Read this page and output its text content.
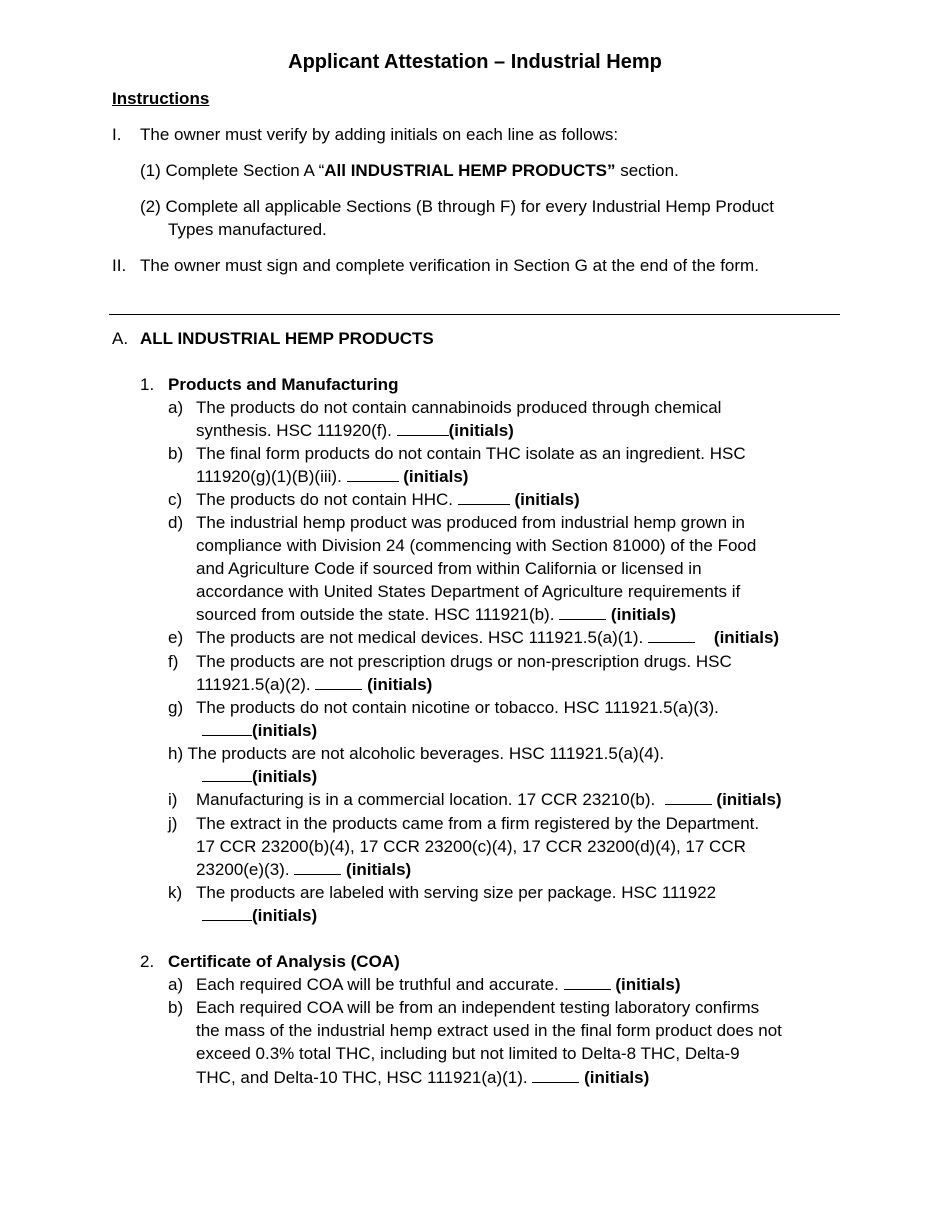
Applicant Attestation – Industrial Hemp
Instructions
I. The owner must verify by adding initials on each line as follows:
(1) Complete Section A “All INDUSTRIAL HEMP PRODUCTS” section.
(2) Complete all applicable Sections (B through F) for every Industrial Hemp Product
Types manufactured.
II. The owner must sign and complete verification in Section G at the end of the form.
A. ALL INDUSTRIAL HEMP PRODUCTS
1. Products and Manufacturing
a) The products do not contain cannabinoids produced through chemical
synthesis. HSC 111920(f).	(initials)
b) The final form products do not contain THC isolate as an ingredient. HSC
111920(g)(1)(B)(iii).	(initials)
c) The products do not contain HHC.	(initials)
d) The industrial hemp product was produced from industrial hemp grown in
compliance with Division 24 (commencing with Section 81000) of the Food
and Agriculture Code if sourced from within California or licensed in
accordance with United States Department of Agriculture requirements if
sourced from outside the state. HSC 111921(b).	(initials)
e) The products are not medical devices. HSC 111921.5(a)(1).	(initials)
f) The products are not prescription drugs or non-prescription drugs. HSC
111921.5(a)(2).	(initials)
g) The products do not contain nicotine or tobacco. HSC 111921.5(a)(3).
(initials)
h) The products are not alcoholic beverages. HSC 111921.5(a)(4).
(initials)
i) Manufacturing is in a commercial location. 17 CCR 23210(b).	(initials)
j) The extract in the products came from a firm registered by the Department.
17 CCR 23200(b)(4), 17 CCR 23200(c)(4), 17 CCR 23200(d)(4), 17 CCR
23200(e)(3).	(initials)
k) The products are labeled with serving size per package. HSC 111922
(initials)
2. Certificate of Analysis (COA)
a) Each required COA will be truthful and accurate.	(initials)
b) Each required COA will be from an independent testing laboratory confirms
the mass of the industrial hemp extract used in the final form product does not
exceed 0.3% total THC, including but not limited to Delta-8 THC, Delta-9
THC, and Delta-10 THC, HSC 111921(a)(1).	(initials)
